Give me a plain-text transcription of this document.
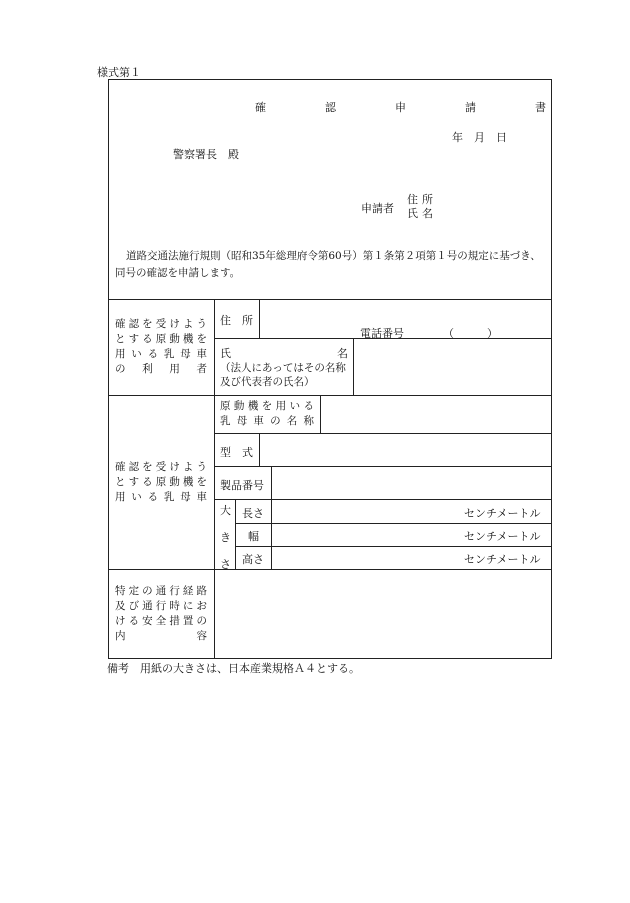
様式第１
確　認　申　請　書
年　月　日
警察署長　殿
申請者
住所
氏名
道路交通法施行規則（昭和35年総理府令第60号）第１条第２項第１号の規定に基づき、同号の確認を申請します。
確認を受けよう
とする原動機を
用いる乳母車
の利用者
住　所
電話番号	（　　　）
氏　　　　　　　　　名
（法人にあってはその名称及び代表者の氏名）
確認を受けよう
とする原動機を
用いる乳母車
原動機を用いる
乳母車の名称
型　式
製品番号
大
き
さ
長さ
幅
高さ
センチメートル
センチメートル
センチメートル
特定の通行経路
及び通行時にお
ける安全措置の
内容
備考　用紙の大きさは、日本産業規格Ａ４とする。
